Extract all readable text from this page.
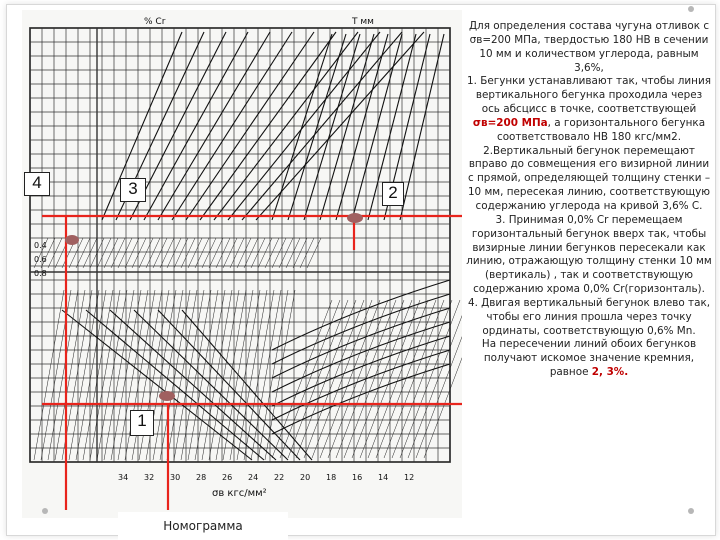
% Cr	T мм
σв кгс/мм²
34 32 30 28 26 24 22 20 18 16 14 12
0.4
0.6
0.8
4	3	2
1
Номограмма

Для определения состава чугуна отливок с σв=200 МПа, твердостью 180 НВ в сечении 10 мм и количеством углерода, равным 3,6%,

1. Бегунки устанавливают так, чтобы линия вертикального бегунка проходила через ось абсцисс в точке, соответствующей σв=200 МПа, а горизонтального бегунка соответствовало НВ 180 кгс/мм2.

2.Вертикальный бегунок перемещают вправо до совмещения его визирной линии с прямой, определяющей толщину стенки – 10 мм, пересекая линию, соответствующую содержанию углерода на кривой 3,6% С.

3. Принимая 0,0% Cr перемещаем горизонтальный бегунок вверх так, чтобы визирные линии бегунков пересекали как линию, отражающую толщину стенки 10 мм (вертикаль) , так и соответствующую содержанию хрома 0,0% Cr(горизонталь).

4. Двигая вертикальный бегунок влево так, чтобы его линия прошла через точку ординаты, соответствующую 0,6% Mn.

На пересечении линий обоих бегунков получают искомое значение кремния, равное 2, 3%.
